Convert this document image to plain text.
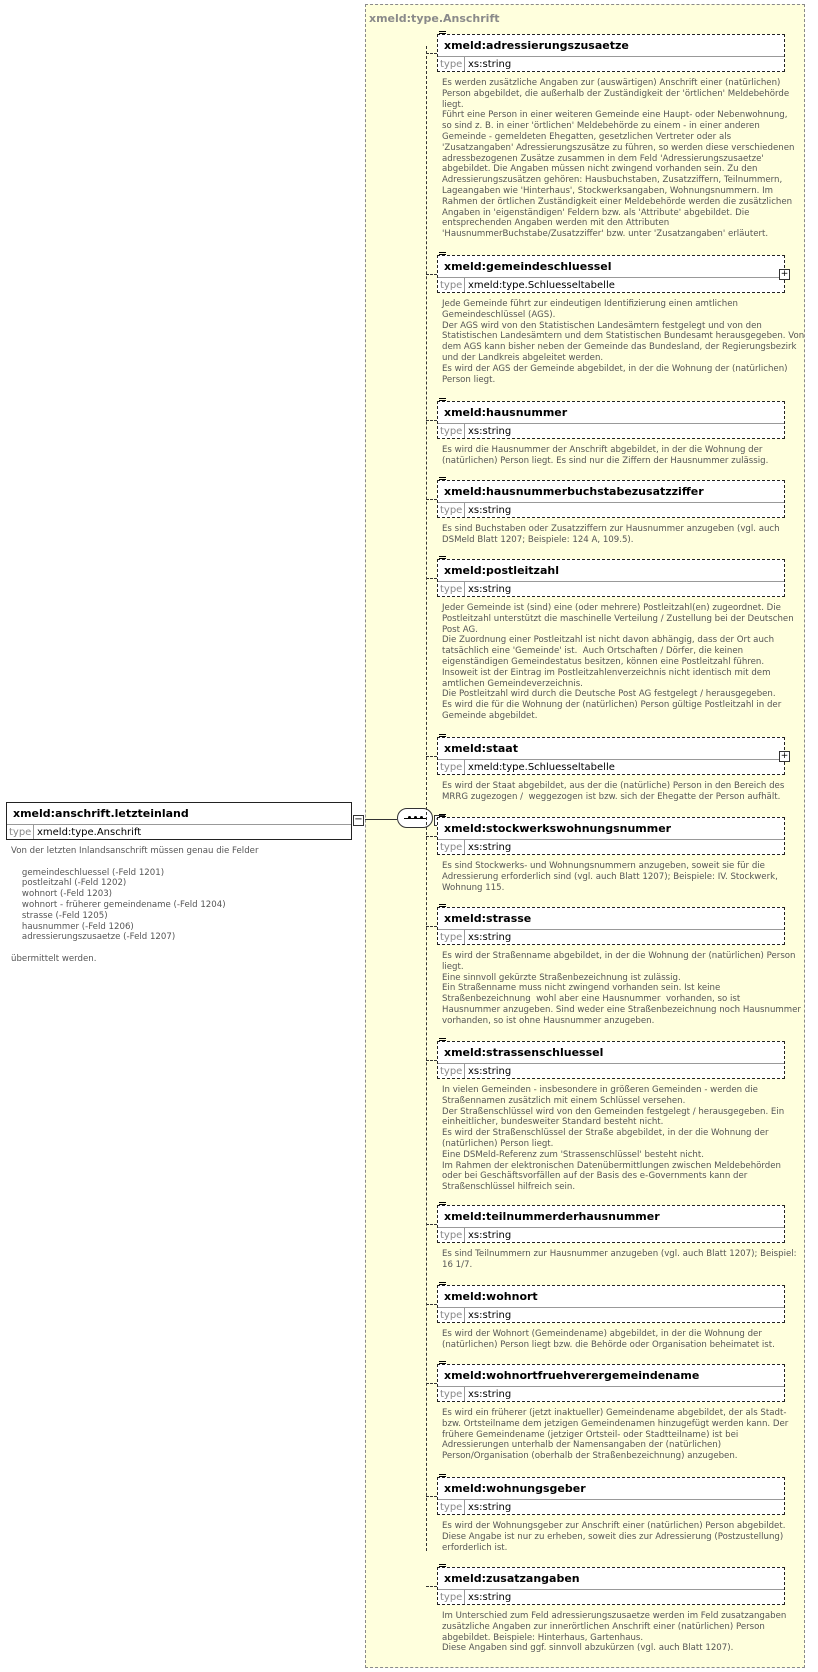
xmeld:type.Anschrift
xmeld:anschrift.letzteinland
type xmeld:type.Anschrift
−
Von der letzten Inlandsanschrift müssen genau die Felder

gemeindeschluessel (-Feld 1201)
postleitzahl (-Feld 1202)
wohnort (-Feld 1203)
wohnort - früherer gemeindename (-Feld 1204)
strasse (-Feld 1205)
hausnummer (-Feld 1206)
adressierungszusaetze (-Feld 1207)

übermittelt werden.
xmeld:adressierungszusaetze
type xs:string
Es werden zusätzliche Angaben zur (auswärtigen) Anschrift einer (natürlichen)
Person abgebildet, die außerhalb der Zuständigkeit der 'örtlichen' Meldebehörde
liegt.
Führt eine Person in einer weiteren Gemeinde eine Haupt- oder Nebenwohnung,
so sind z. B. in einer 'örtlichen' Meldebehörde zu einem - in einer anderen
Gemeinde - gemeldeten Ehegatten, gesetzlichen Vertreter oder als
'Zusatzangaben' Adressierungszusätze zu führen, so werden diese verschiedenen
adressbezogenen Zusätze zusammen in dem Feld 'Adressierungszusaetze'
abgebildet. Die Angaben müssen nicht zwingend vorhanden sein. Zu den
Adressierungszusätzen gehören: Hausbuchstaben, Zusatzziffern, Teilnummern,
Lageangaben wie 'Hinterhaus', Stockwerksangaben, Wohnungsnummern. Im
Rahmen der örtlichen Zuständigkeit einer Meldebehörde werden die zusätzlichen
Angaben in 'eigenständigen' Feldern bzw. als 'Attribute' abgebildet. Die
entsprechenden Angaben werden mit den Attributen
'HausnummerBuchstabe/Zusatzziffer' bzw. unter 'Zusatzangaben' erläutert.
xmeld:gemeindeschluessel
type xmeld:type.Schluesseltabelle
+
Jede Gemeinde führt zur eindeutigen Identifizierung einen amtlichen
Gemeindeschlüssel (AGS).
Der AGS wird von den Statistischen Landesämtern festgelegt und von den
Statistischen Landesämtern und dem Statistischen Bundesamt herausgegeben. Von
dem AGS kann bisher neben der Gemeinde das Bundesland, der Regierungsbezirk
und der Landkreis abgeleitet werden.
Es wird der AGS der Gemeinde abgebildet, in der die Wohnung der (natürlichen)
Person liegt.
xmeld:hausnummer
type xs:string
Es wird die Hausnummer der Anschrift abgebildet, in der die Wohnung der
(natürlichen) Person liegt. Es sind nur die Ziffern der Hausnummer zulässig.
xmeld:hausnummerbuchstabezusatzziffer
type xs:string
Es sind Buchstaben oder Zusatzziffern zur Hausnummer anzugeben (vgl. auch
DSMeld Blatt 1207; Beispiele: 124 A, 109.5).
xmeld:postleitzahl
type xs:string
Jeder Gemeinde ist (sind) eine (oder mehrere) Postleitzahl(en) zugeordnet. Die
Postleitzahl unterstützt die maschinelle Verteilung / Zustellung bei der Deutschen
Post AG.
Die Zuordnung einer Postleitzahl ist nicht davon abhängig, dass der Ort auch
tatsächlich eine 'Gemeinde' ist.  Auch Ortschaften / Dörfer, die keinen
eigenständigen Gemeindestatus besitzen, können eine Postleitzahl führen.
Insoweit ist der Eintrag im Postleitzahlenverzeichnis nicht identisch mit dem
amtlichen Gemeindeverzeichnis.
Die Postleitzahl wird durch die Deutsche Post AG festgelegt / herausgegeben.
Es wird die für die Wohnung der (natürlichen) Person gültige Postleitzahl in der
Gemeinde abgebildet.
xmeld:staat
type xmeld:type.Schluesseltabelle
+
Es wird der Staat abgebildet, aus der die (natürliche) Person in den Bereich des
MRRG zugezogen /  weggezogen ist bzw. sich der Ehegatte der Person aufhält.
xmeld:stockwerkswohnungsnummer
type xs:string
Es sind Stockwerks- und Wohnungsnummern anzugeben, soweit sie für die
Adressierung erforderlich sind (vgl. auch Blatt 1207); Beispiele: IV. Stockwerk,
Wohnung 115.
xmeld:strasse
type xs:string
Es wird der Straßenname abgebildet, in der die Wohnung der (natürlichen) Person
liegt.
Eine sinnvoll gekürzte Straßenbezeichnung ist zulässig.
Ein Straßenname muss nicht zwingend vorhanden sein. Ist keine
Straßenbezeichnung  wohl aber eine Hausnummer  vorhanden, so ist
Hausnummer anzugeben. Sind weder eine Straßenbezeichnung noch Hausnummer
vorhanden, so ist ohne Hausnummer anzugeben.
xmeld:strassenschluessel
type xs:string
In vielen Gemeinden - insbesondere in größeren Gemeinden - werden die
Straßennamen zusätzlich mit einem Schlüssel versehen.
Der Straßenschlüssel wird von den Gemeinden festgelegt / herausgegeben. Ein
einheitlicher, bundesweiter Standard besteht nicht.
Es wird der Straßenschlüssel der Straße abgebildet, in der die Wohnung der
(natürlichen) Person liegt.
Eine DSMeld-Referenz zum 'Strassenschlüssel' besteht nicht.
Im Rahmen der elektronischen Datenübermittlungen zwischen Meldebehörden
oder bei Geschäftsvorfällen auf der Basis des e-Governments kann der
Straßenschlüssel hilfreich sein.
xmeld:teilnummerderhausnummer
type xs:string
Es sind Teilnummern zur Hausnummer anzugeben (vgl. auch Blatt 1207); Beispiel:
16 1/7.
xmeld:wohnort
type xs:string
Es wird der Wohnort (Gemeindename) abgebildet, in der die Wohnung der
(natürlichen) Person liegt bzw. die Behörde oder Organisation beheimatet ist.
xmeld:wohnortfruehverergemeindename
type xs:string
Es wird ein früherer (jetzt inaktueller) Gemeindename abgebildet, der als Stadt-
bzw. Ortsteilname dem jetzigen Gemeindenamen hinzugefügt werden kann. Der
frühere Gemeindename (jetziger Ortsteil- oder Stadtteilname) ist bei
Adressierungen unterhalb der Namensangaben der (natürlichen)
Person/Organisation (oberhalb der Straßenbezeichnung) anzugeben.
xmeld:wohnungsgeber
type xs:string
Es wird der Wohnungsgeber zur Anschrift einer (natürlichen) Person abgebildet.
Diese Angabe ist nur zu erheben, soweit dies zur Adressierung (Postzustellung)
erforderlich ist.
xmeld:zusatzangaben
type xs:string
Im Unterschied zum Feld adressierungszusaetze werden im Feld zusatzangaben
zusätzliche Angaben zur innerörtlichen Anschrift einer (natürlichen) Person
abgebildet. Beispiele: Hinterhaus, Gartenhaus.
Diese Angaben sind ggf. sinnvoll abzukürzen (vgl. auch Blatt 1207).
